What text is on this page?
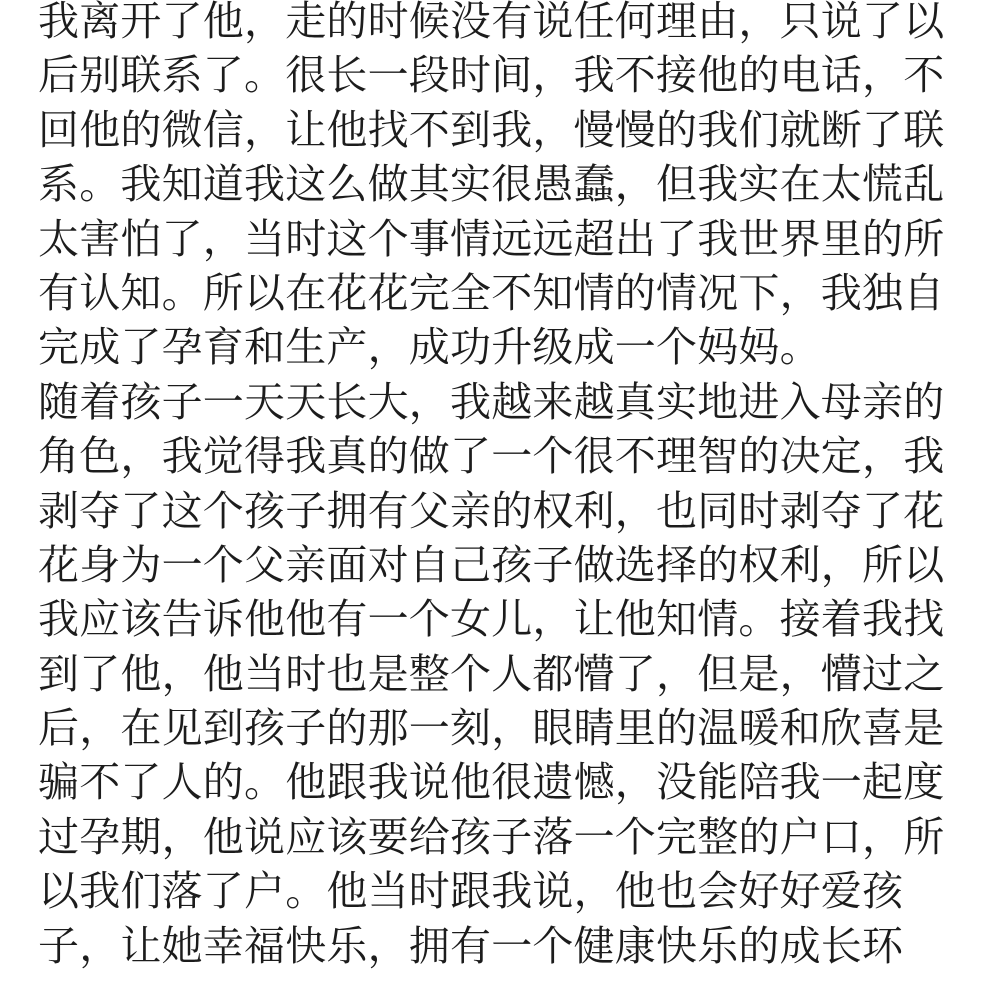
我离开了他，走的时候没有说任何理由，只说了以
后别联系了。很长一段时间，我不接他的电话，不
回他的微信，让他找不到我，慢慢的我们就断了联
系。我知道我这么做其实很愚蠢，但我实在太慌乱
太害怕了，当时这个事情远远超出了我世界里的所
有认知。所以在花花完全不知情的情况下，我独自
完成了孕育和生产，成功升级成一个妈妈。
随着孩子一天天长大，我越来越真实地进入母亲的
角色，我觉得我真的做了一个很不理智的决定，我
剥夺了这个孩子拥有父亲的权利，也同时剥夺了花
花身为一个父亲面对自己孩子做选择的权利，所以
我应该告诉他他有一个女儿，让他知情。接着我找
到了他，他当时也是整个人都懵了，但是，懵过之
后，在见到孩子的那一刻，眼睛里的温暖和欣喜是
骗不了人的。他跟我说他很遗憾，没能陪我一起度
过孕期，他说应该要给孩子落一个完整的户口，所
以我们落了户。他当时跟我说，他也会好好爱孩
子，让她幸福快乐，拥有一个健康快乐的成长环
